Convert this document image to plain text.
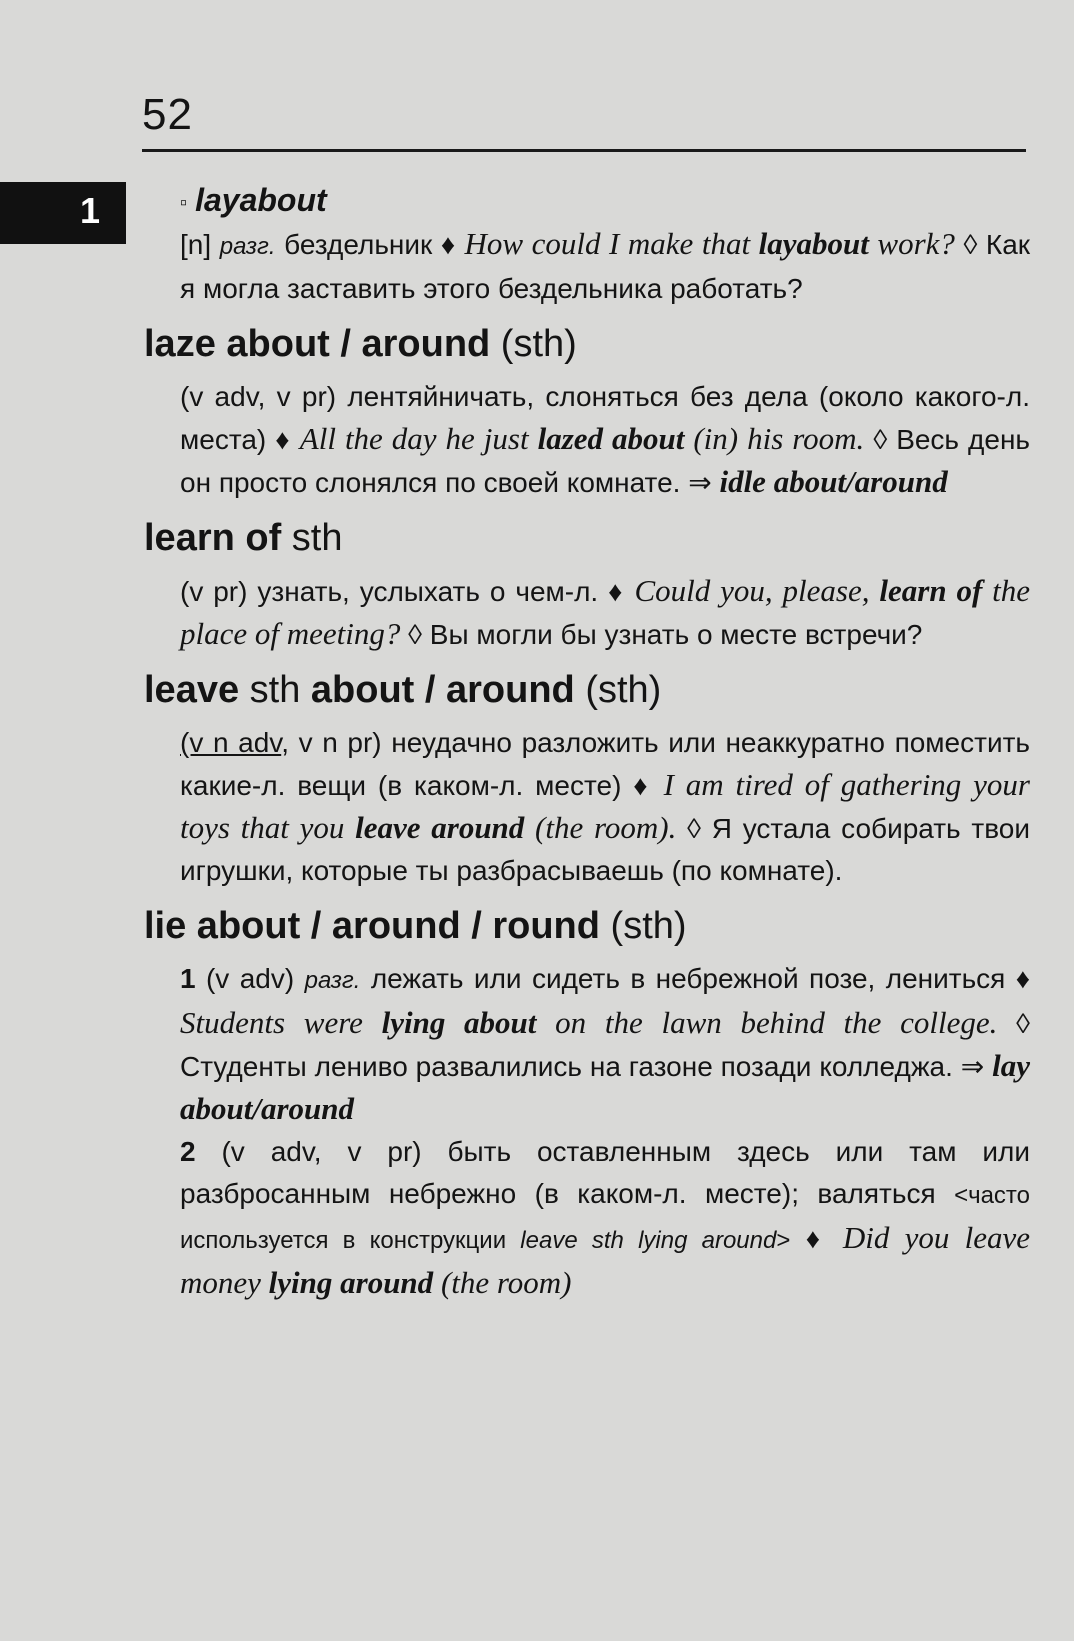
52
1	▫ layabout
[n] разг. бездельник ♦ How could I make that layabout work? ◊ Как я могла заставить этого бездельника работать?
laze about / around (sth)
(v adv, v pr) лентяйничать, слоняться без дела (около какого-л. места) ♦ All the day he just lazed about (in) his room. ◊ Весь день он просто слонялся по своей комнате. ⇒ idle about/around
learn of sth
(v pr) узнать, услыхать о чем-л. ♦ Could you, please, learn of the place of meeting? ◊ Вы могли бы узнать о месте встречи?
leave sth about / around (sth)
(v n adv, v n pr) неудачно разложить или неаккуратно поместить какие-л. вещи (в каком-л. месте) ♦ I am tired of gathering your toys that you leave around (the room). ◊ Я устала собирать твои игрушки, которые ты разбрасываешь (по комнате).
lie about / around / round (sth)
1 (v adv) разг. лежать или сидеть в небрежной позе, лениться ♦ Students were lying about on the lawn behind the college. ◊ Студенты лениво развалились на газоне позади колледжа. ⇒ lay about/around
2 (v adv, v pr) быть оставленным здесь или там или разбросанным небрежно (в каком-л. месте); валяться <часто используется в конструкции leave sth lying around> ♦ Did you leave money lying around (the room)
